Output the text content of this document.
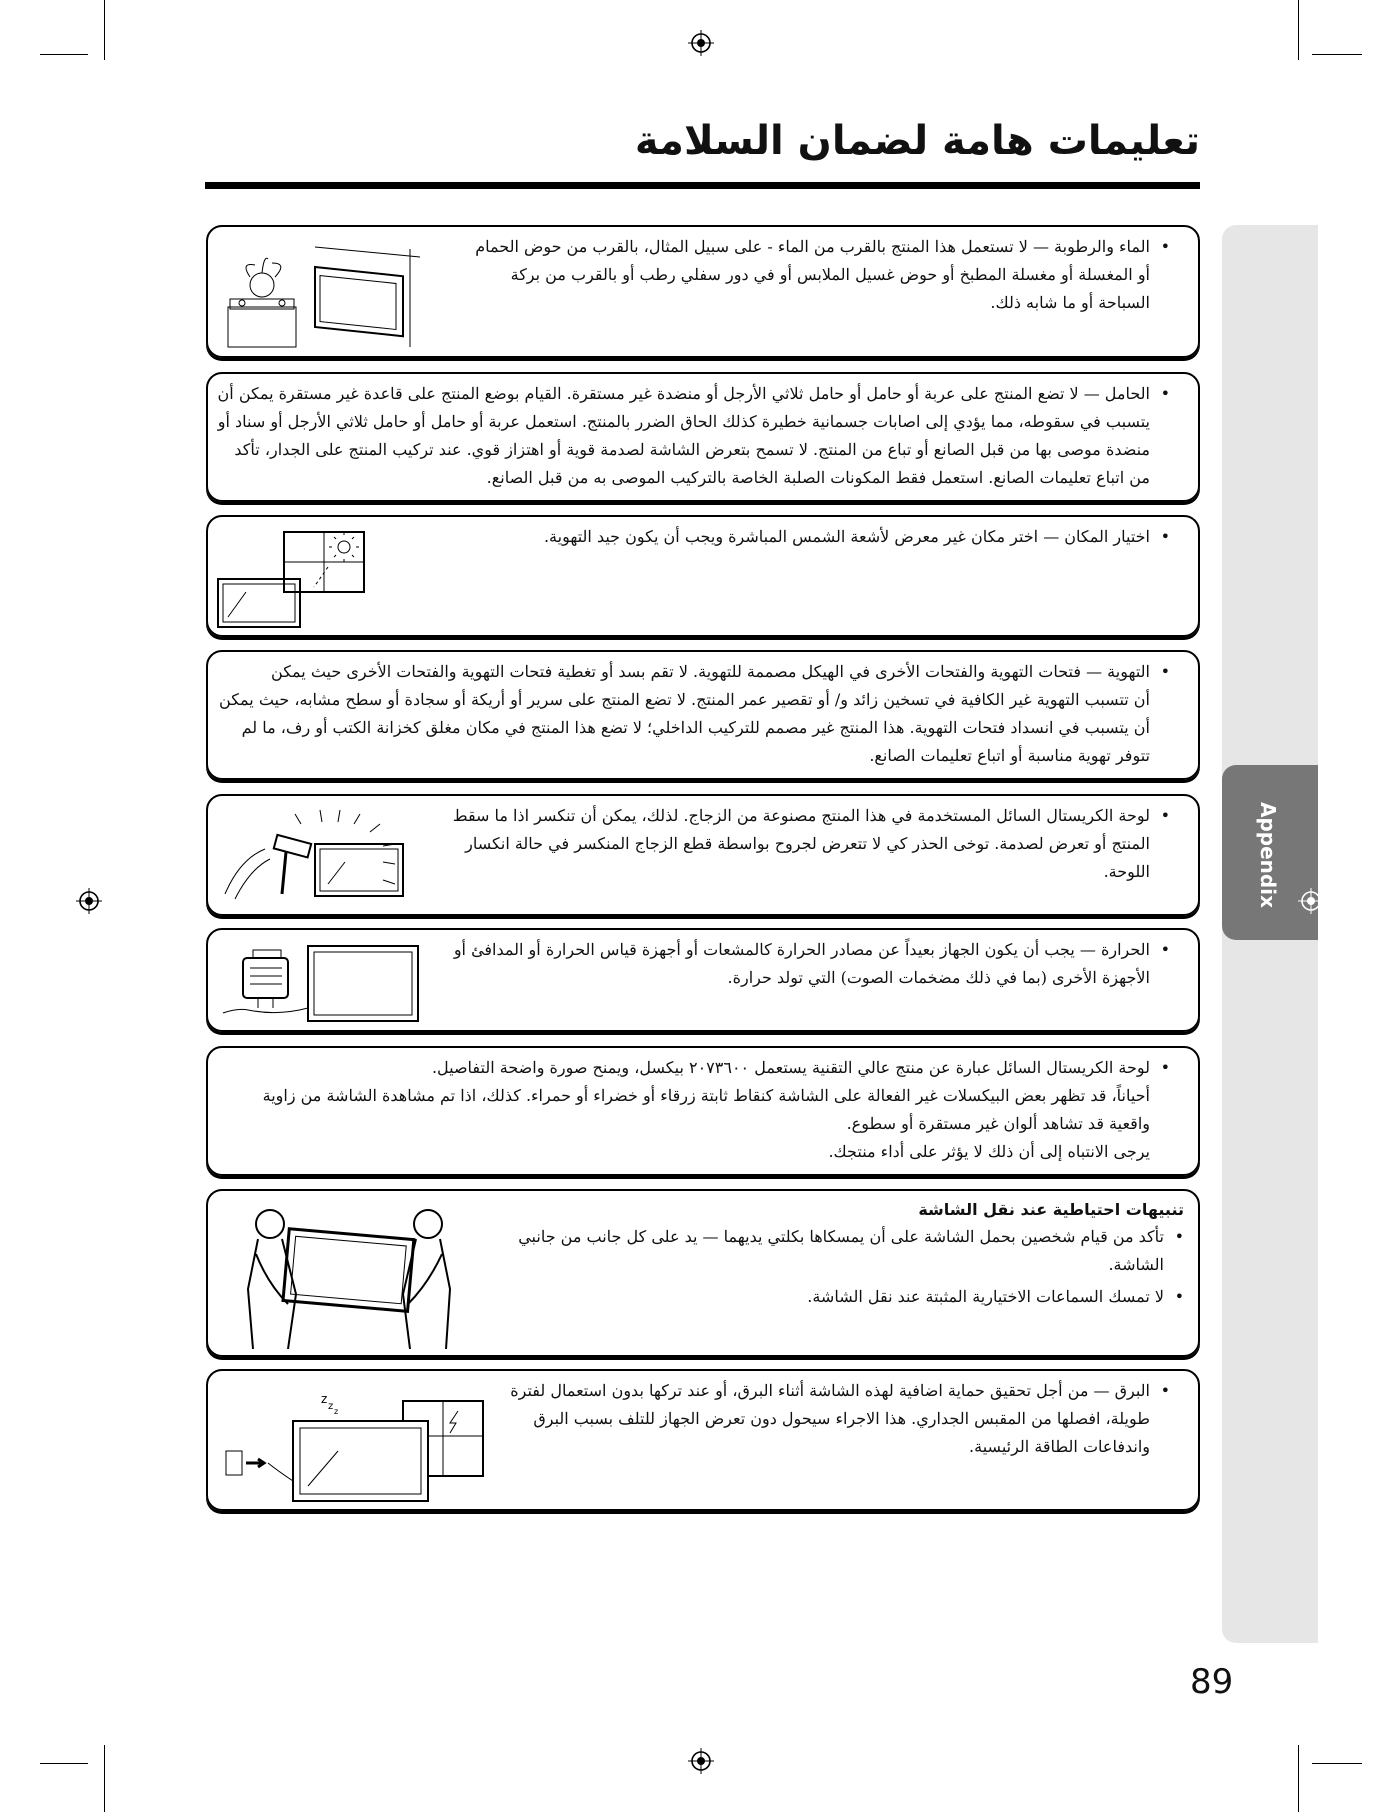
Appendix
تعليمات هامة لضمان السلامة

• الماء والرطوبة — لا تستعمل هذا المنتج بالقرب من الماء - على سبيل المثال، بالقرب من حوض الحمام

أو المغسلة أو مغسلة المطبخ أو حوض غسيل الملابس أو في دور سفلي رطب أو بالقرب من بركة

السباحة أو ما شابه ذلك.

• الحامل — لا تضع المنتج على عربة أو حامل أو حامل ثلاثي الأرجل أو منضدة غير مستقرة. القيام بوضع المنتج على قاعدة غير مستقرة يمكن أن

يتسبب في سقوطه، مما يؤدي إلى اصابات جسمانية خطيرة كذلك الحاق الضرر بالمنتج. استعمل عربة أو حامل أو حامل ثلاثي الأرجل أو سناد أو

منضدة موصى بها من قبل الصانع أو تباع من المنتج. لا تسمح بتعرض الشاشة لصدمة قوية أو اهتزاز قوي. عند تركيب المنتج على الجدار، تأكد

من اتباع تعليمات الصانع. استعمل فقط المكونات الصلبة الخاصة بالتركيب الموصى به من قبل الصانع.

• اختيار المكان — اختر مكان غير معرض لأشعة الشمس المباشرة ويجب أن يكون جيد التهوية.

• التهوية — فتحات التهوية والفتحات الأخرى في الهيكل مصممة للتهوية. لا تقم بسد أو تغطية فتحات التهوية والفتحات الأخرى حيث يمكن

أن تتسبب التهوية غير الكافية في تسخين زائد و/ أو تقصير عمر المنتج. لا تضع المنتج على سرير أو أريكة أو سجادة أو سطح مشابه، حيث يمكن

أن يتسبب في انسداد فتحات التهوية. هذا المنتج غير مصمم للتركيب الداخلي؛ لا تضع هذا المنتج في مكان مغلق كخزانة الكتب أو رف، ما لم

تتوفر تهوية مناسبة أو اتباع تعليمات الصانع.

• لوحة الكريستال السائل المستخدمة في هذا المنتج مصنوعة من الزجاج. لذلك، يمكن أن تنكسر اذا ما سقط

المنتج أو تعرض لصدمة. توخى الحذر كي لا تتعرض لجروح بواسطة قطع الزجاج المنكسر في حالة انكسار

اللوحة.

• الحرارة — يجب أن يكون الجهاز بعيداً عن مصادر الحرارة كالمشعات أو أجهزة قياس الحرارة أو المدافئ أو

الأجهزة الأخرى (بما في ذلك مضخمات الصوت) التي تولد حرارة.

• لوحة الكريستال السائل عبارة عن منتج عالي التقنية يستعمل ٢٠٧٣٦٠٠ بيكسل، ويمنح صورة واضحة التفاصيل.

أحياناً، قد تظهر بعض البيكسلات غير الفعالة على الشاشة كنقاط ثابتة زرقاء أو خضراء أو حمراء. كذلك، اذا تم مشاهدة الشاشة من زاوية

واقعية قد تشاهد ألوان غير مستقرة أو سطوع.

يرجى الانتباه إلى أن ذلك لا يؤثر على أداء منتجك.

تنبيهات احتياطية عند نقل الشاشة

• تأكد من قيام شخصين بحمل الشاشة على أن يمسكاها بكلتي يديهما — يد على كل جانب من جانبي

الشاشة.

• لا تمسك السماعات الاختيارية المثبتة عند نقل الشاشة.

• البرق — من أجل تحقيق حماية اضافية لهذه الشاشة أثناء البرق، أو عند تركها بدون استعمال لفترة

طويلة، افصلها من المقبس الجداري. هذا الاجراء سيحول دون تعرض الجهاز للتلف بسبب البرق

واندفاعات الطاقة الرئيسية.

z
z z
89
